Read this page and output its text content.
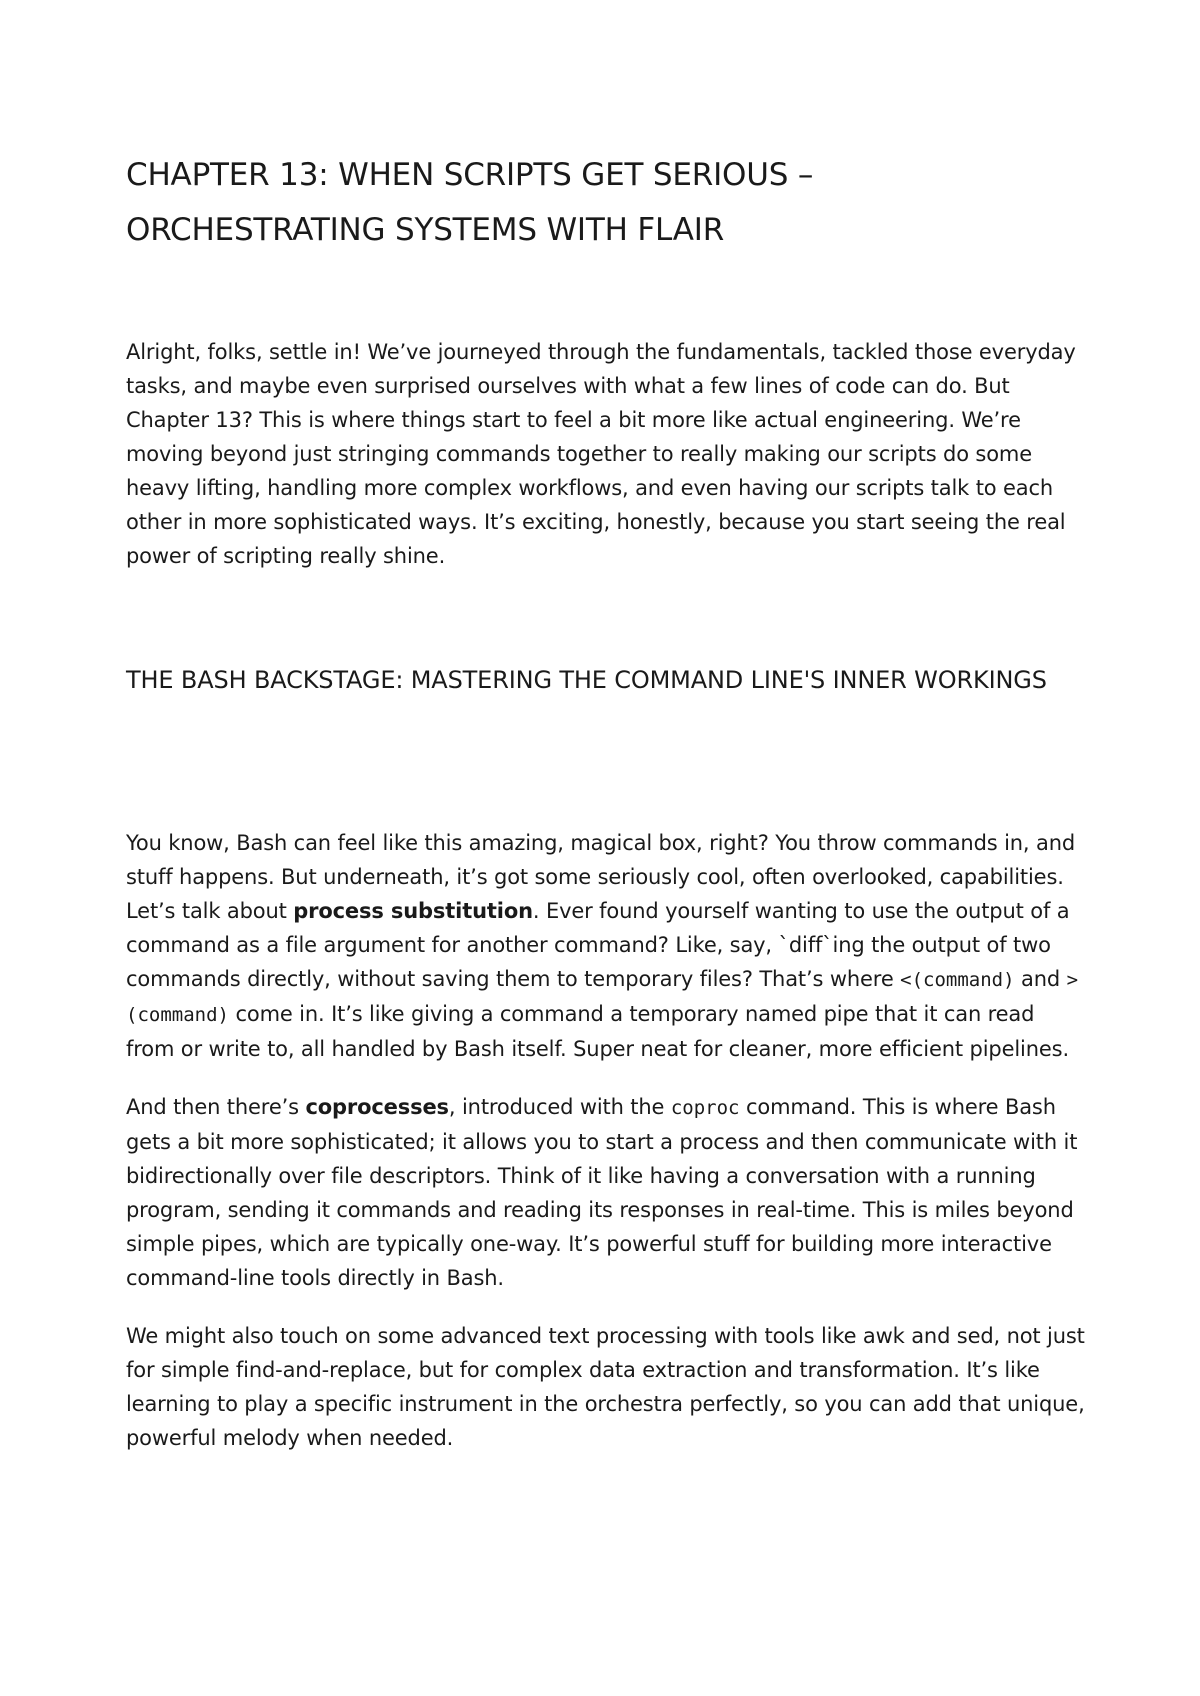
CHAPTER 13: WHEN SCRIPTS GET SERIOUS – ORCHESTRATING SYSTEMS WITH FLAIR

Alright, folks, settle in! We’ve journeyed through the fundamentals, tackled those everyday tasks, and maybe even surprised ourselves with what a few lines of code can do. But Chapter 13? This is where things start to feel a bit more like actual engineering. We’re moving beyond just stringing commands together to really making our scripts do some heavy lifting, handling more complex workflows, and even having our scripts talk to each other in more sophisticated ways. It’s exciting, honestly, because you start seeing the real power of scripting really shine.

THE BASH BACKSTAGE: MASTERING THE COMMAND LINE'S INNER WORKINGS

You know, Bash can feel like this amazing, magical box, right? You throw commands in, and stuff happens. But underneath, it’s got some seriously cool, often overlooked, capabilities. Let’s talk about process substitution. Ever found yourself wanting to use the output of a command as a file argument for another command? Like, say, `diff`ing the output of two commands directly, without saving them to temporary files? That’s where <(command) and >(command) come in. It’s like giving a command a temporary named pipe that it can read from or write to, all handled by Bash itself. Super neat for cleaner, more efficient pipelines.

And then there’s coprocesses, introduced with the coproc command. This is where Bash gets a bit more sophisticated; it allows you to start a process and then communicate with it bidirectionally over file descriptors. Think of it like having a conversation with a running program, sending it commands and reading its responses in real-time. This is miles beyond simple pipes, which are typically one-way. It’s powerful stuff for building more interactive command-line tools directly in Bash.

We might also touch on some advanced text processing with tools like awk and sed, not just for simple find-and-replace, but for complex data extraction and transformation. It’s like learning to play a specific instrument in the orchestra perfectly, so you can add that unique, powerful melody when needed.
